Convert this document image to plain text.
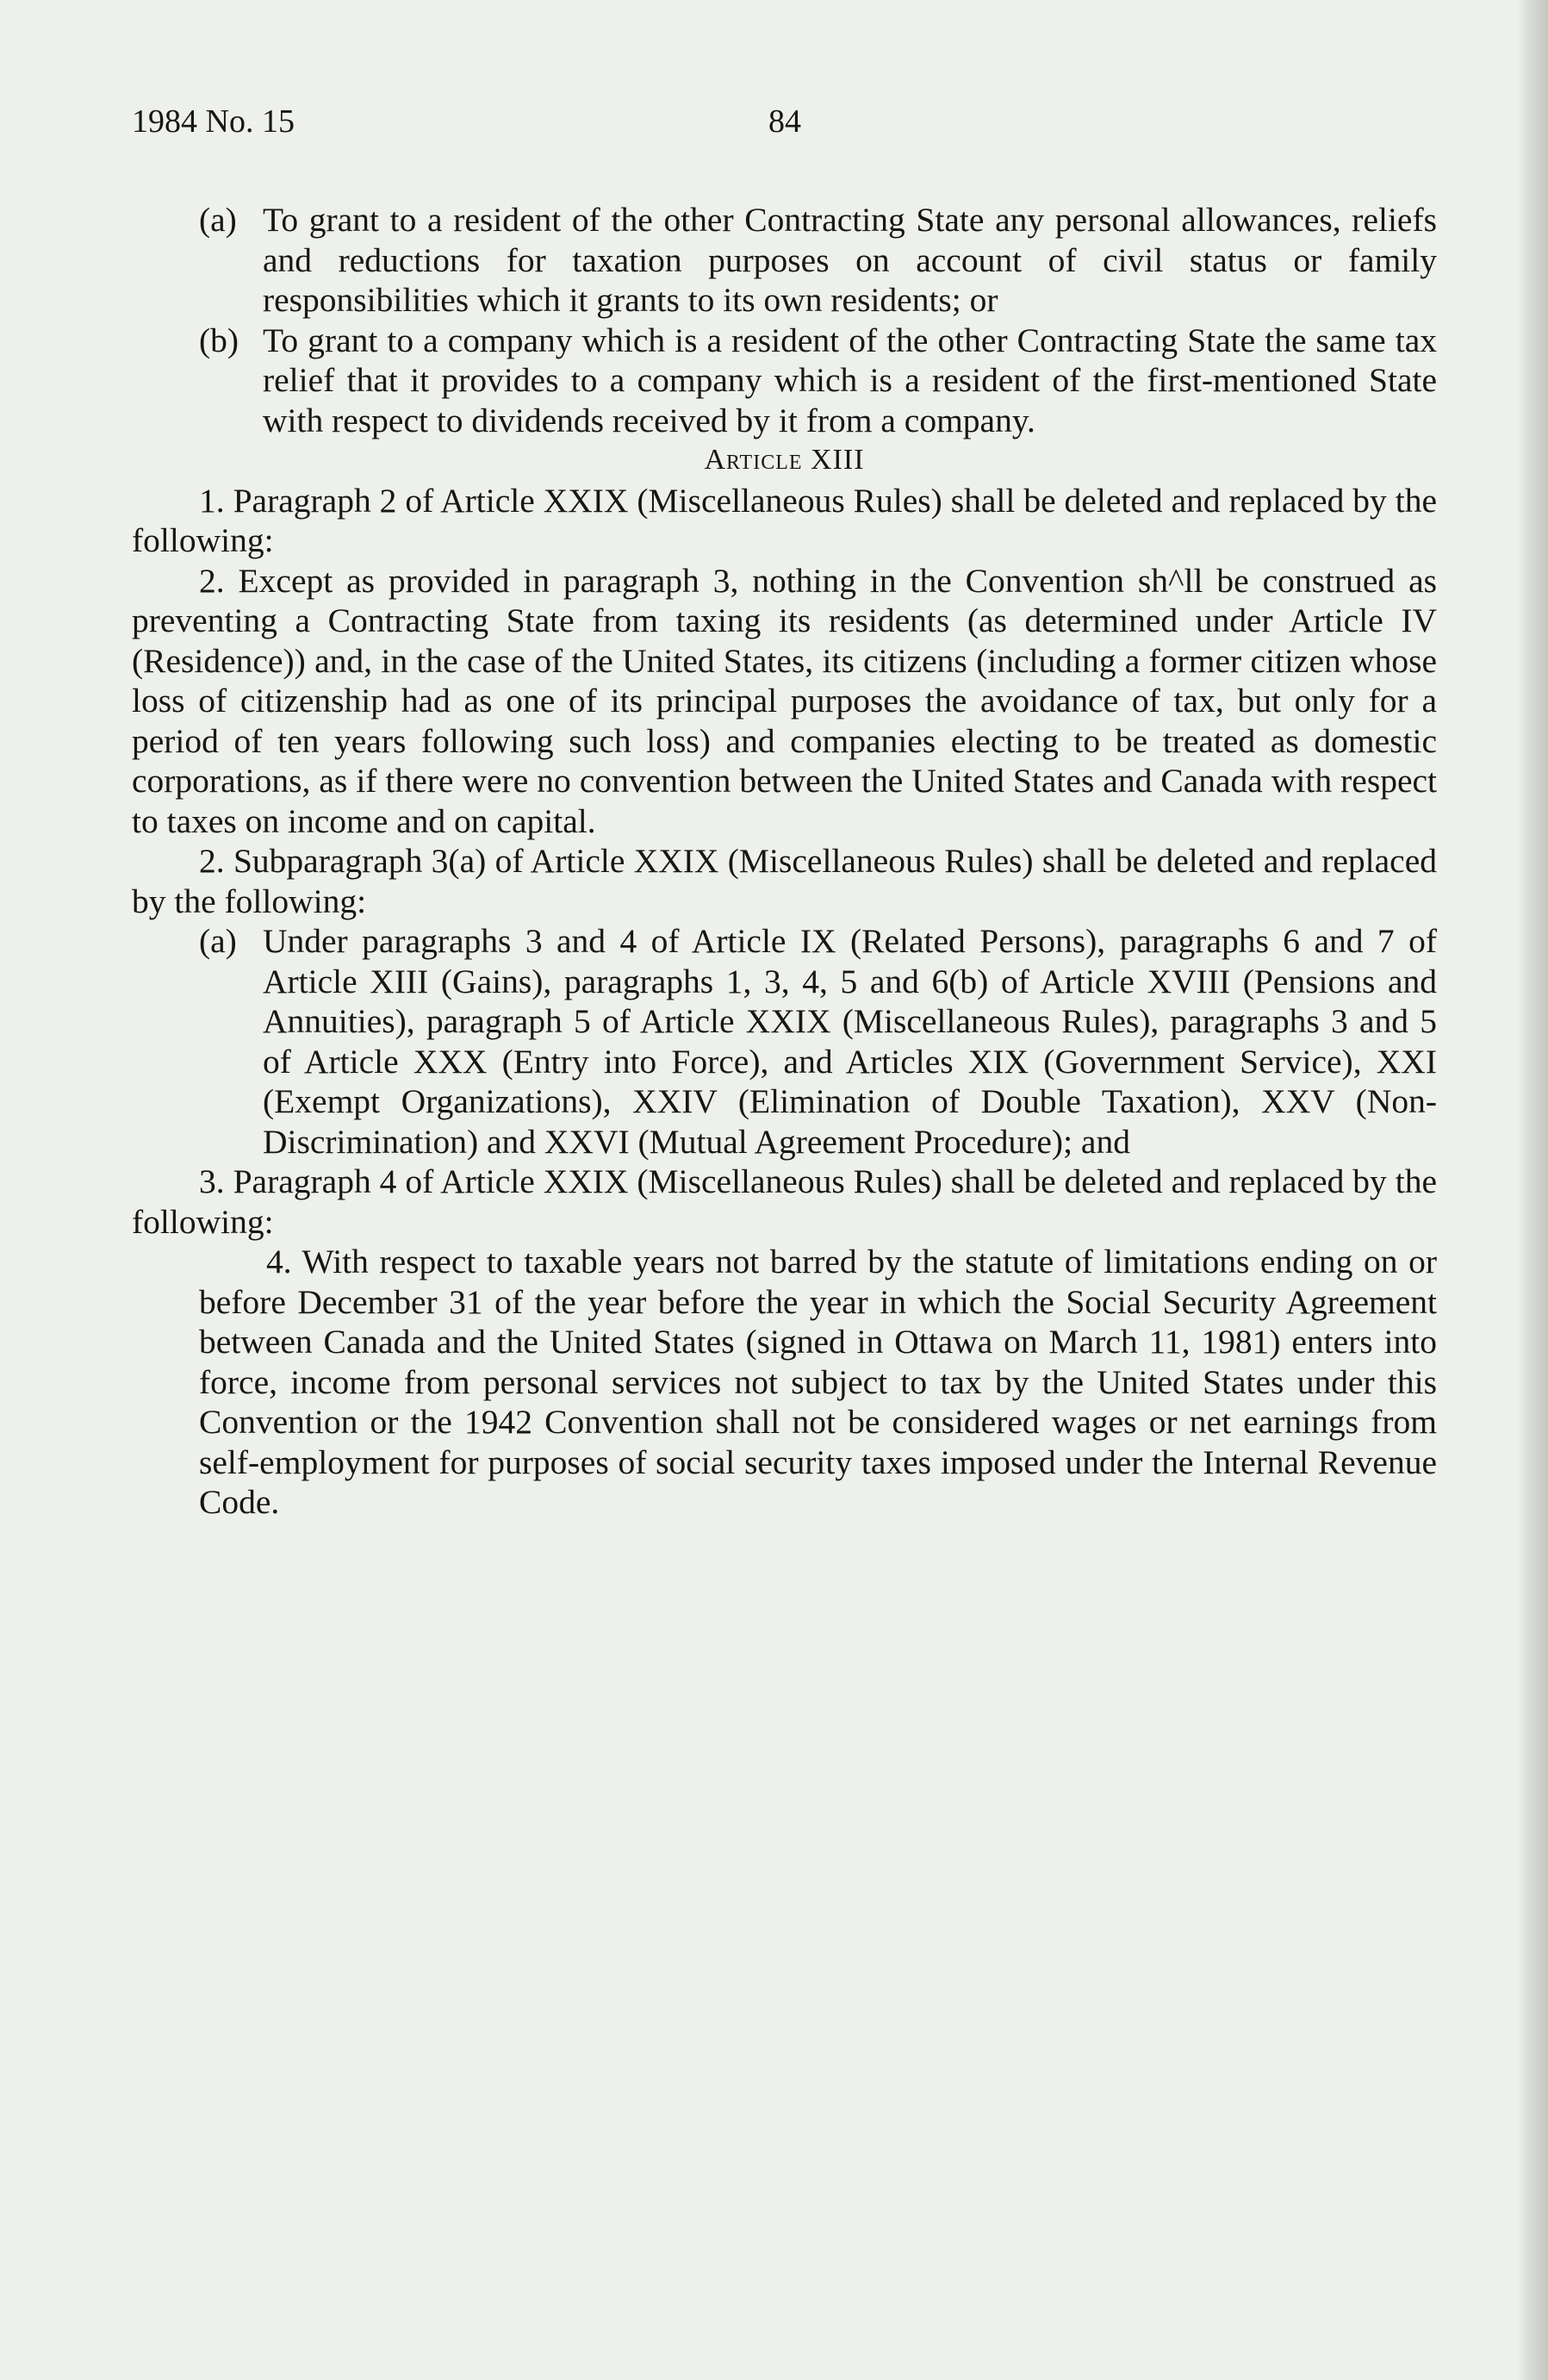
1984 No. 15	84

(a) To grant to a resident of the other Contracting State any personal allowances, reliefs and reductions for taxation purposes on account of civil status or family responsibilities which it grants to its own residents; or

(b) To grant to a company which is a resident of the other Contracting State the same tax relief that it provides to a company which is a resident of the first-mentioned State with respect to dividends received by it from a company.

Article XIII

1. Paragraph 2 of Article XXIX (Miscellaneous Rules) shall be deleted and replaced by the following:

2. Except as provided in paragraph 3, nothing in the Convention sh^ll be construed as preventing a Contracting State from taxing its residents (as determined under Article IV (Residence)) and, in the case of the United States, its citizens (including a former citizen whose loss of citizenship had as one of its principal purposes the avoidance of tax, but only for a period of ten years following such loss) and companies electing to be treated as domestic corporations, as if there were no convention between the United States and Canada with respect to taxes on income and on capital.

2. Subparagraph 3(a) of Article XXIX (Miscellaneous Rules) shall be deleted and replaced by the following:

(a) Under paragraphs 3 and 4 of Article IX (Related Persons), paragraphs 6 and 7 of Article XIII (Gains), paragraphs 1, 3, 4, 5 and 6(b) of Article XVIII (Pensions and Annuities), paragraph 5 of Article XXIX (Miscellaneous Rules), paragraphs 3 and 5 of Article XXX (Entry into Force), and Articles XIX (Government Service), XXI (Exempt Organizations), XXIV (Elimination of Double Taxation), XXV (Non-Discrimination) and XXVI (Mutual Agreement Procedure); and

3. Paragraph 4 of Article XXIX (Miscellaneous Rules) shall be deleted and replaced by the following:

4. With respect to taxable years not barred by the statute of limitations ending on or before December 31 of the year before the year in which the Social Security Agreement between Canada and the United States (signed in Ottawa on March 11, 1981) enters into force, income from personal services not subject to tax by the United States under this Convention or the 1942 Convention shall not be considered wages or net earnings from self-employment for purposes of social security taxes imposed under the Internal Revenue Code.
